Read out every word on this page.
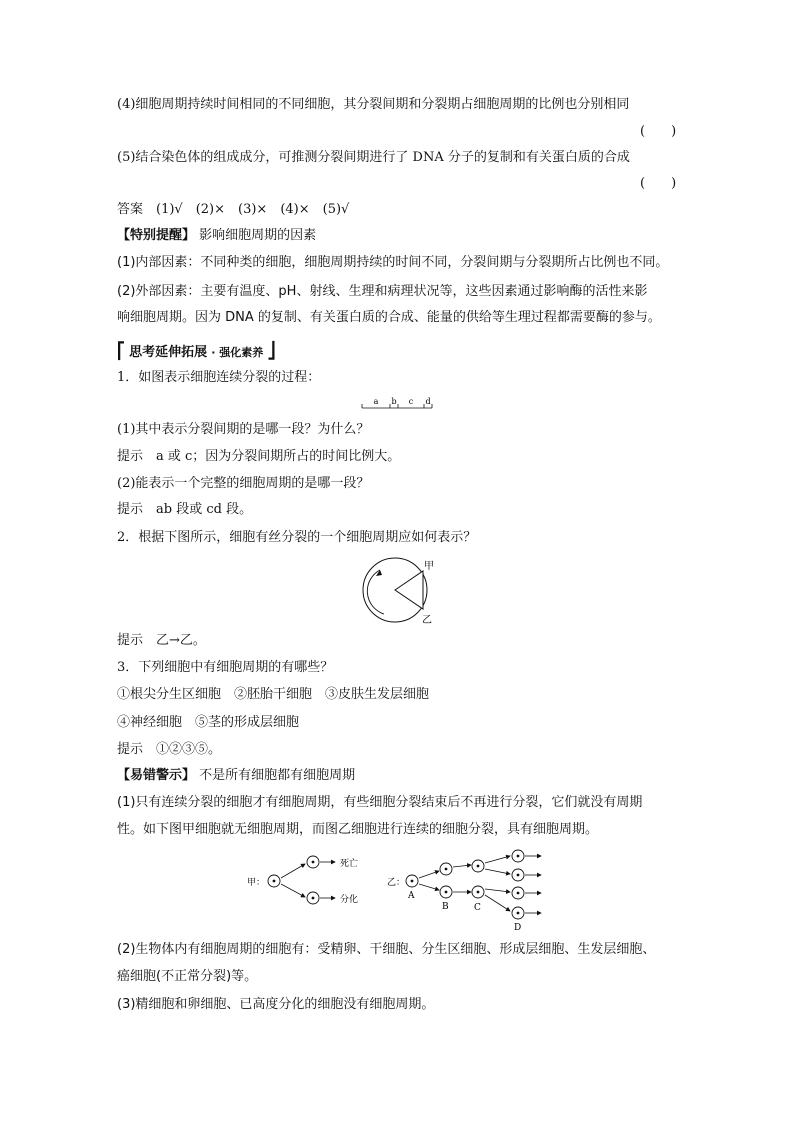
(4)细胞周期持续时间相同的不同细胞，其分裂间期和分裂期占细胞周期的比例也分别相同
(　　)
(5)结合染色体的组成成分，可推测分裂间期进行了 DNA 分子的复制和有关蛋白质的合成
(　　)
答案　(1)√　(2)×　(3)×　(4)×　(5)√
【特别提醒】 影响细胞周期的因素
(1)内部因素：不同种类的细胞，细胞周期持续的时间不同，分裂间期与分裂期所占比例也不同。
(2)外部因素：主要有温度、pH、射线、生理和病理状况等，这些因素通过影响酶的活性来影
响细胞周期。因为 DNA 的复制、有关蛋白质的合成、能量的供给等生理过程都需要酶的参与。
⎡ 思考延伸拓展 · 强化素养 ⎦
1．如图表示细胞连续分裂的过程：
a b c d
(1)其中表示分裂间期的是哪一段？为什么？
提示　a 或 c；因为分裂间期所占的时间比例大。
(2)能表示一个完整的细胞周期的是哪一段？
提示　ab 段或 cd 段。
2．根据下图所示，细胞有丝分裂的一个细胞周期应如何表示？
甲
乙
提示　乙→乙。
3．下列细胞中有细胞周期的有哪些？
①根尖分生区细胞　②胚胎干细胞　③皮肤生发层细胞
④神经细胞　⑤茎的形成层细胞
提示　①②③⑤。
【易错警示】 不是所有细胞都有细胞周期
(1)只有连续分裂的细胞才有细胞周期，有些细胞分裂结束后不再进行分裂，它们就没有周期
性。如下图甲细胞就无细胞周期，而图乙细胞进行连续的细胞分裂，具有细胞周期。
甲：
死亡
分化
乙：
A
B	C
D
(2)生物体内有细胞周期的细胞有：受精卵、干细胞、分生区细胞、形成层细胞、生发层细胞、
癌细胞(不正常分裂)等。
(3)精细胞和卵细胞、已高度分化的细胞没有细胞周期。
